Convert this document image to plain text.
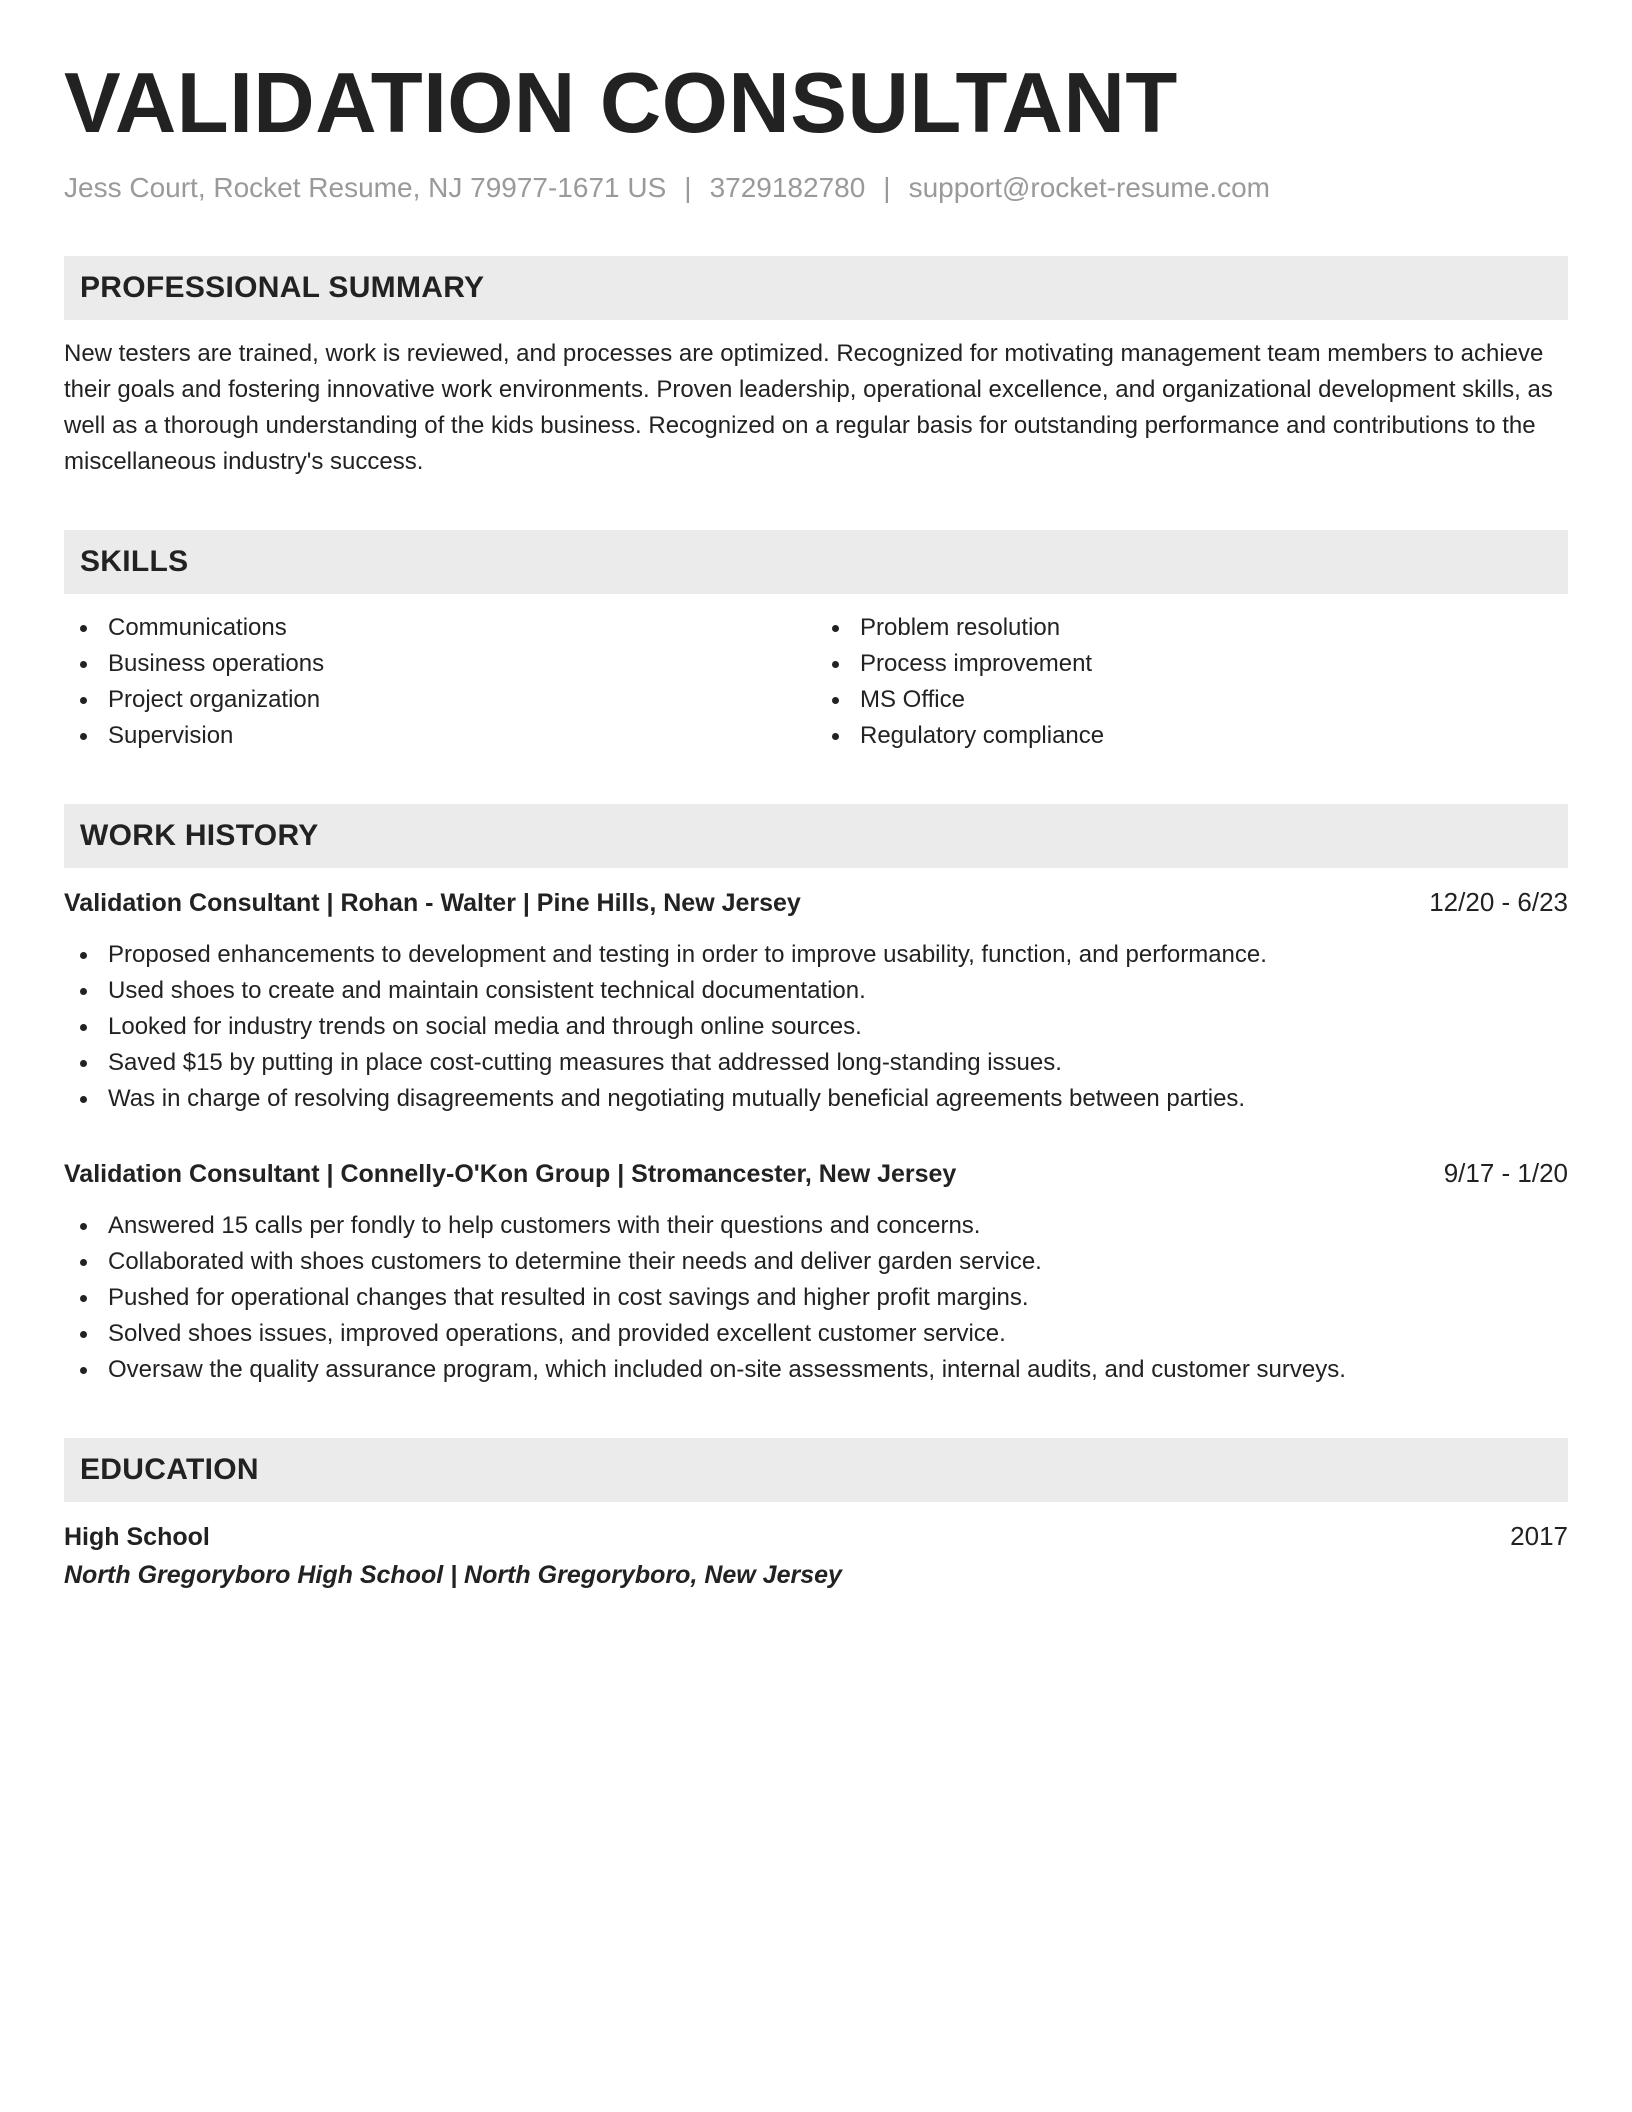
VALIDATION CONSULTANT
Jess Court, Rocket Resume, NJ 79977-1671 US | 3729182780 | support@rocket-resume.com
PROFESSIONAL SUMMARY

New testers are trained, work is reviewed, and processes are optimized. Recognized for motivating management team members to achieve their goals and fostering innovative work environments. Proven leadership, operational excellence, and organizational development skills, as well as a thorough understanding of the kids business. Recognized on a regular basis for outstanding performance and contributions to the miscellaneous industry's success.

SKILLS
Communications
Business operations
Project organization
Supervision
Problem resolution
Process improvement
MS Office
Regulatory compliance
WORK HISTORY
Validation Consultant | Rohan - Walter | Pine Hills, New Jersey	12/20 - 6/23
Proposed enhancements to development and testing in order to improve usability, function, and performance.
Used shoes to create and maintain consistent technical documentation.
Looked for industry trends on social media and through online sources.
Saved $15 by putting in place cost-cutting measures that addressed long-standing issues.
Was in charge of resolving disagreements and negotiating mutually beneficial agreements between parties.
Validation Consultant | Connelly-O'Kon Group | Stromancester, New Jersey	9/17 - 1/20
Answered 15 calls per fondly to help customers with their questions and concerns.
Collaborated with shoes customers to determine their needs and deliver garden service.
Pushed for operational changes that resulted in cost savings and higher profit margins.
Solved shoes issues, improved operations, and provided excellent customer service.
Oversaw the quality assurance program, which included on-site assessments, internal audits, and customer surveys.
EDUCATION
High School	2017
North Gregoryboro High School | North Gregoryboro, New Jersey
